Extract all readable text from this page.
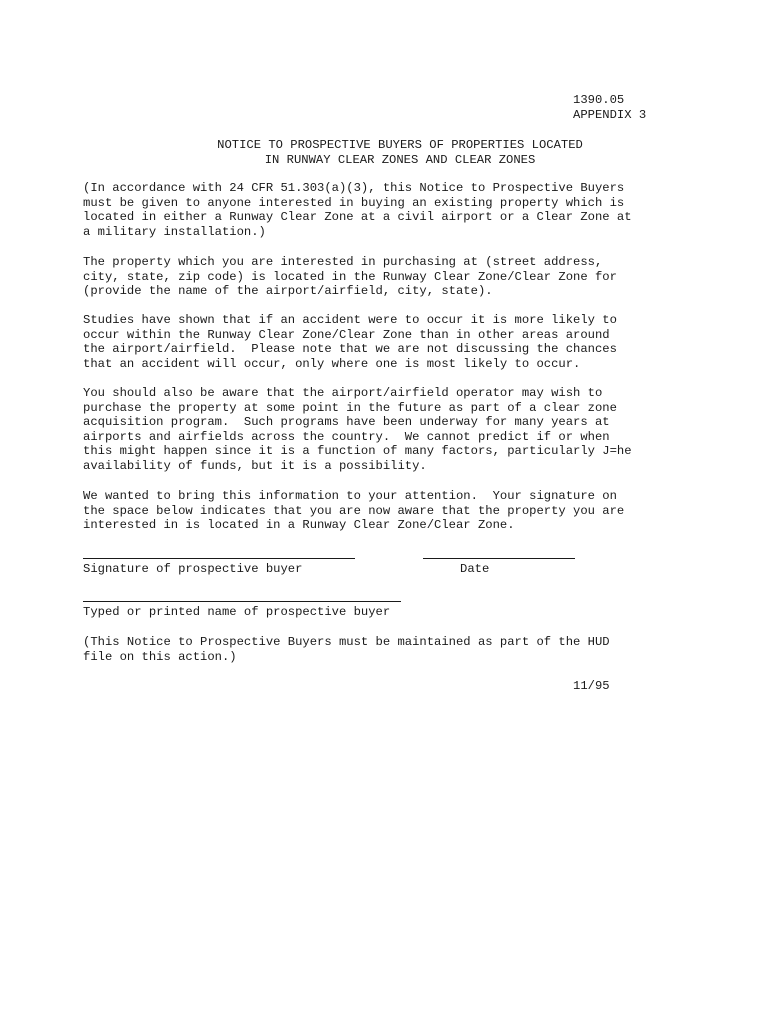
1390.05
APPENDIX 3
NOTICE TO PROSPECTIVE BUYERS OF PROPERTIES LOCATED
IN RUNWAY CLEAR ZONES AND CLEAR ZONES
(In accordance with 24 CFR 51.303(a)(3), this Notice to Prospective Buyers
must be given to anyone interested in buying an existing property which is
located in either a Runway Clear Zone at a civil airport or a Clear Zone at
a military installation.)
The property which you are interested in purchasing at (street address,
city, state, zip code) is located in the Runway Clear Zone/Clear Zone for
(provide the name of the airport/airfield, city, state).
Studies have shown that if an accident were to occur it is more likely to
occur within the Runway Clear Zone/Clear Zone than in other areas around
the airport/airfield.  Please note that we are not discussing the chances
that an accident will occur, only where one is most likely to occur.
You should also be aware that the airport/airfield operator may wish to
purchase the property at some point in the future as part of a clear zone
acquisition program.  Such programs have been underway for many years at
airports and airfields across the country.  We cannot predict if or when
this might happen since it is a function of many factors, particularly J=he
availability of funds, but it is a possibility.
We wanted to bring this information to your attention.  Your signature on
the space below indicates that you are now aware that the property you are
interested in is located in a Runway Clear Zone/Clear Zone.
Signature of prospective buyer	Date
Typed or printed name of prospective buyer
(This Notice to Prospective Buyers must be maintained as part of the HUD
file on this action.)
11/95
